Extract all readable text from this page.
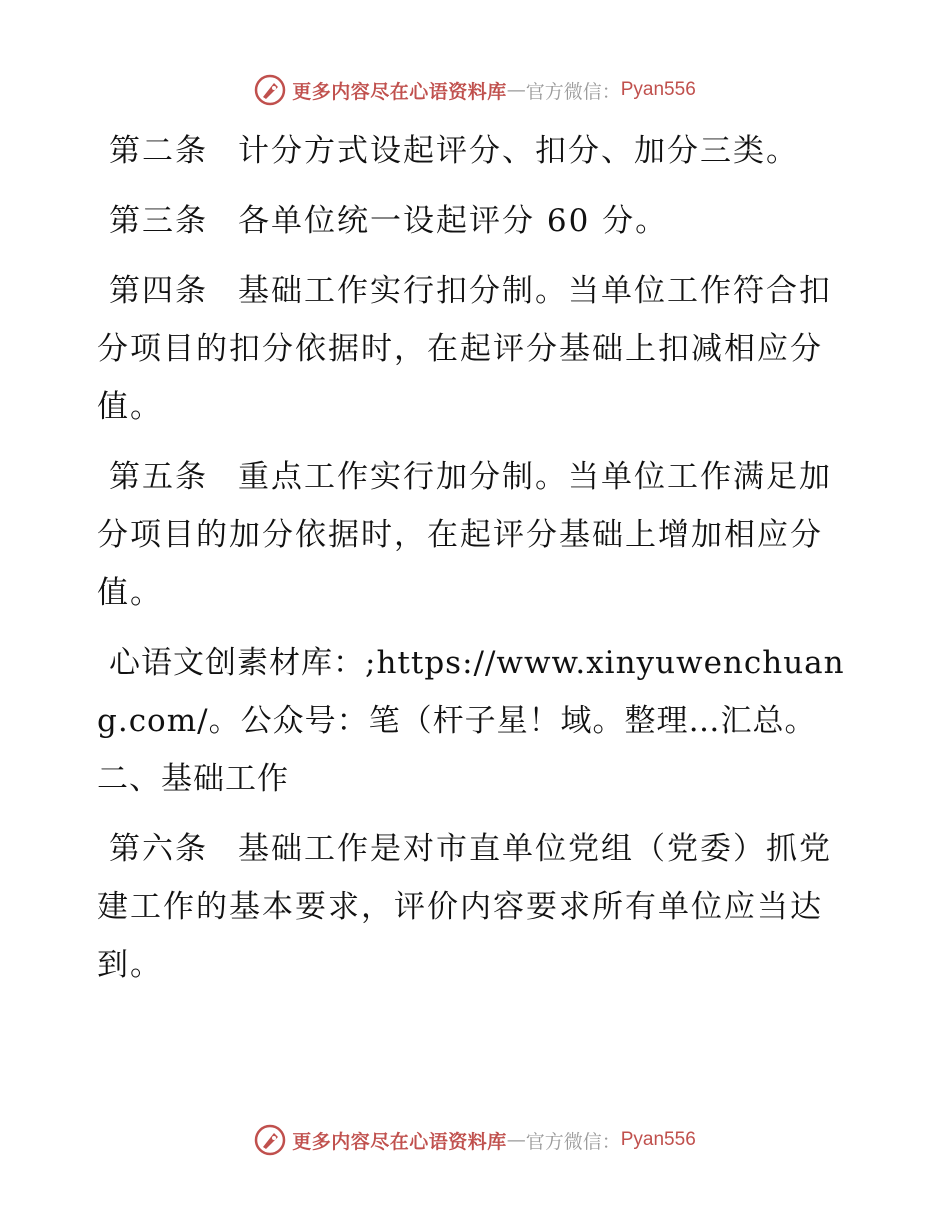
更多内容尽在心语资料库 — 官方微信： Pyan556

第二条 计分方式设起评分、扣分、加分三类。

第三条 各单位统一设起评分 60 分。

第四条 基础工作实行扣分制。当单位工作符合扣分项目的扣分依据时，在起评分基础上扣减相应分值。

第五条 重点工作实行加分制。当单位工作满足加分项目的加分依据时，在起评分基础上增加相应分值。

心语文创素材库：;https://www.xinyuwenchuang.com/。公众号：笔（杆子星！域。整理…汇总。二、基础工作

第六条 基础工作是对市直单位党组（党委）抓党建工作的基本要求，评价内容要求所有单位应当达到。

更多内容尽在心语资料库 — 官方微信： Pyan556
